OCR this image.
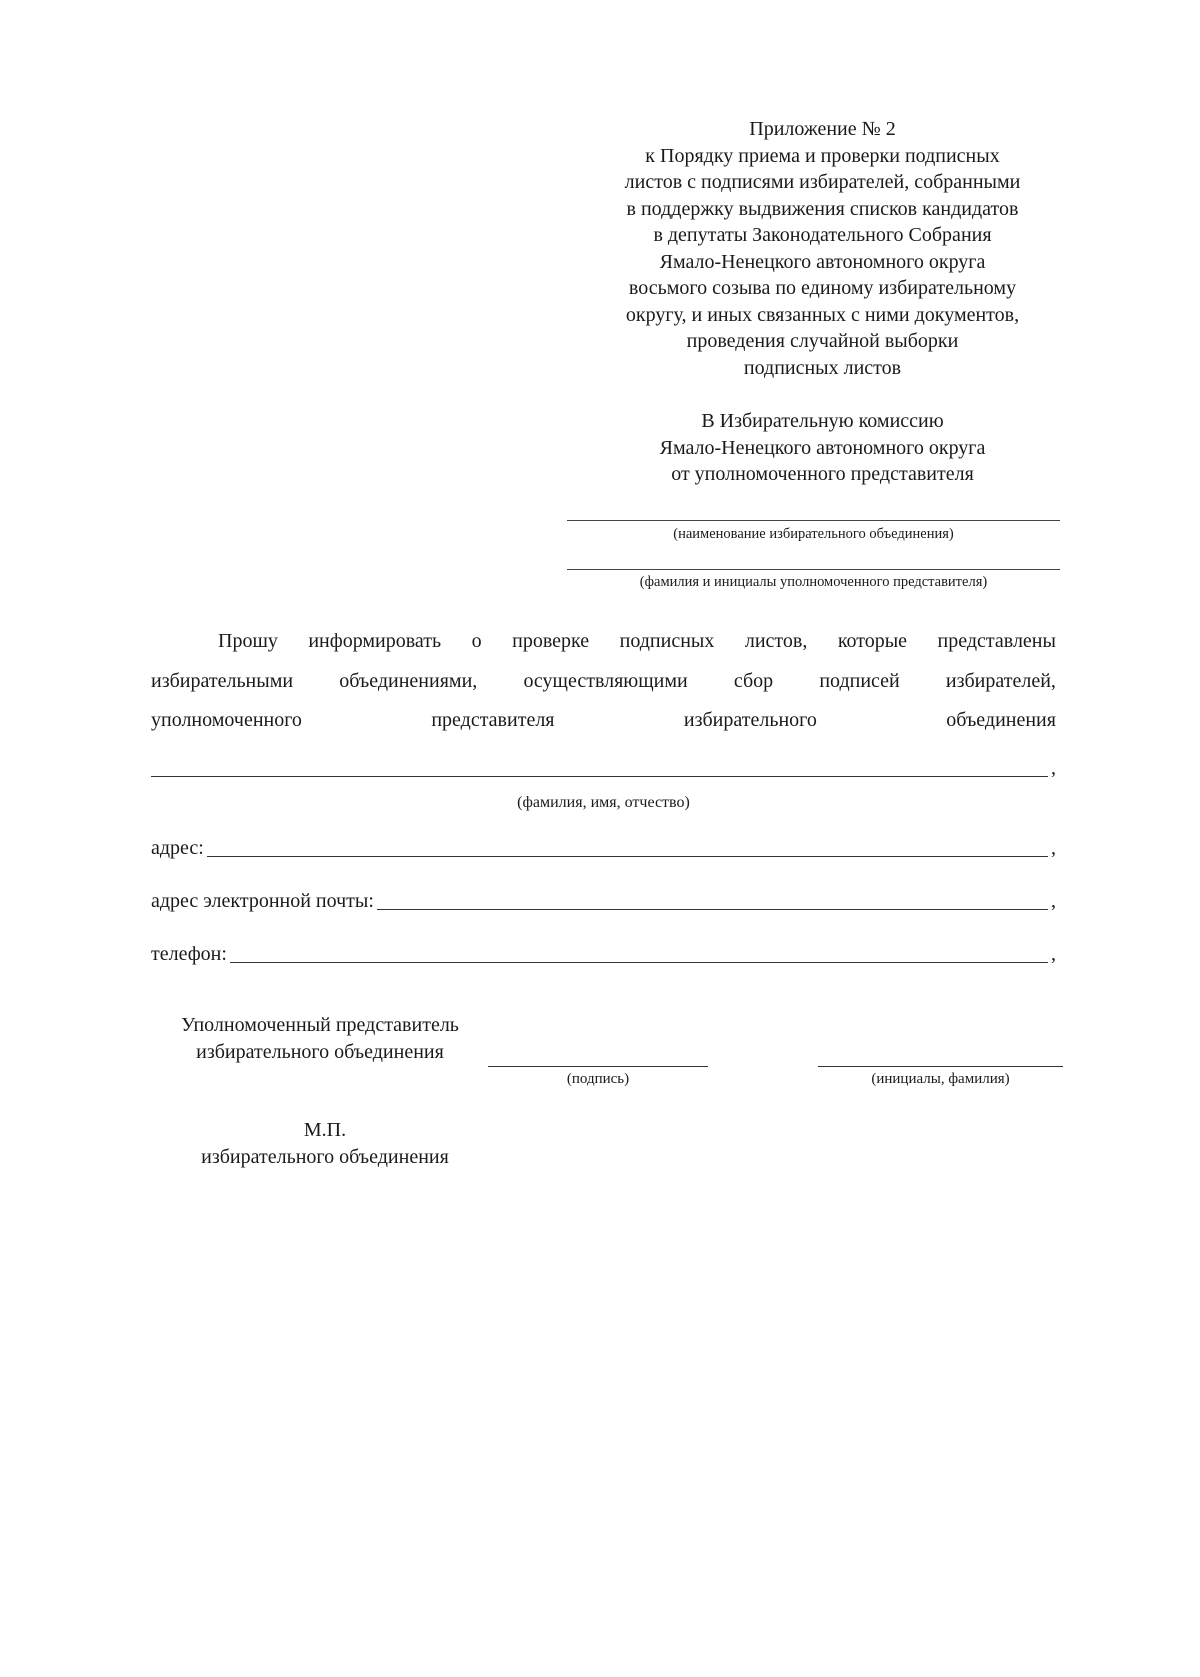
Приложение № 2
к Порядку приема и проверки подписных
листов с подписями избирателей, собранными
в поддержку выдвижения списков кандидатов
в депутаты Законодательного Собрания
Ямало-Ненецкого автономного округа
восьмого созыва по единому избирательному
округу, и иных связанных с ними документов,
проведения случайной выборки
подписных листов
В Избирательную комиссию
Ямало-Ненецкого автономного округа
от уполномоченного представителя
(наименование избирательного объединения)
(фамилия и инициалы уполномоченного представителя)
Прошу информировать о проверке подписных листов, которые представлены
избирательными объединениями, осуществляющими сбор подписей избирателей,
уполномоченного	представителя	избирательного	объединения
,
(фамилия, имя, отчество)
адрес:	,
адрес электронной почты:	,
телефон:	,
Уполномоченный представитель
избирательного объединения
(подпись)	(инициалы, фамилия)
М.П.
избирательного объединения
